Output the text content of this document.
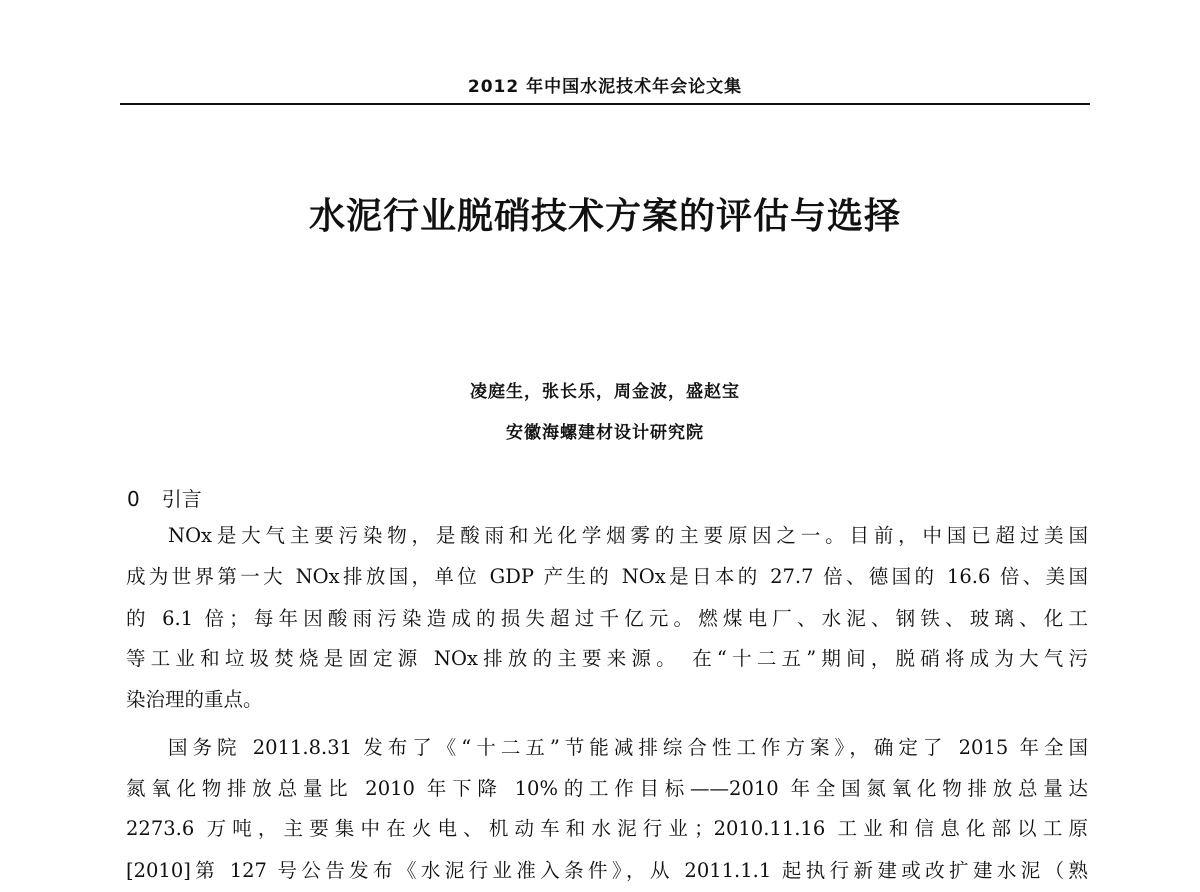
2012 年中国水泥技术年会论文集
水泥行业脱硝技术方案的评估与选择
凌庭生，张长乐，周金波，盛赵宝
安徽海螺建材设计研究院
0 引言
NOx是大气主要污染物，是酸雨和光化学烟雾的主要原因之一。目前，中国已超过美国
成为世界第一大 NOx排放国，单位 GDP 产生的 NOx是日本的 27.7 倍、德国的 16.6 倍、美国
的 6.1 倍；每年因酸雨污染造成的损失超过千亿元。燃煤电厂、水泥、钢铁、玻璃、化工
等工业和垃圾焚烧是固定源 NOx排放的主要来源。 在“十二五”期间，脱硝将成为大气污
染治理的重点。
国务院 2011.8.31 发布了《“十二五”节能减排综合性工作方案》，确定了 2015 年全国
氮氧化物排放总量比 2010 年下降 10%的工作目标——2010 年全国氮氧化物排放总量达
2273.6 万吨，主要集中在火电、机动车和水泥行业；2010.11.16 工业和信息化部以工原
[2010]第 127 号公告发布《水泥行业准入条件》，从 2011.1.1 起执行新建或改扩建水泥（熟
